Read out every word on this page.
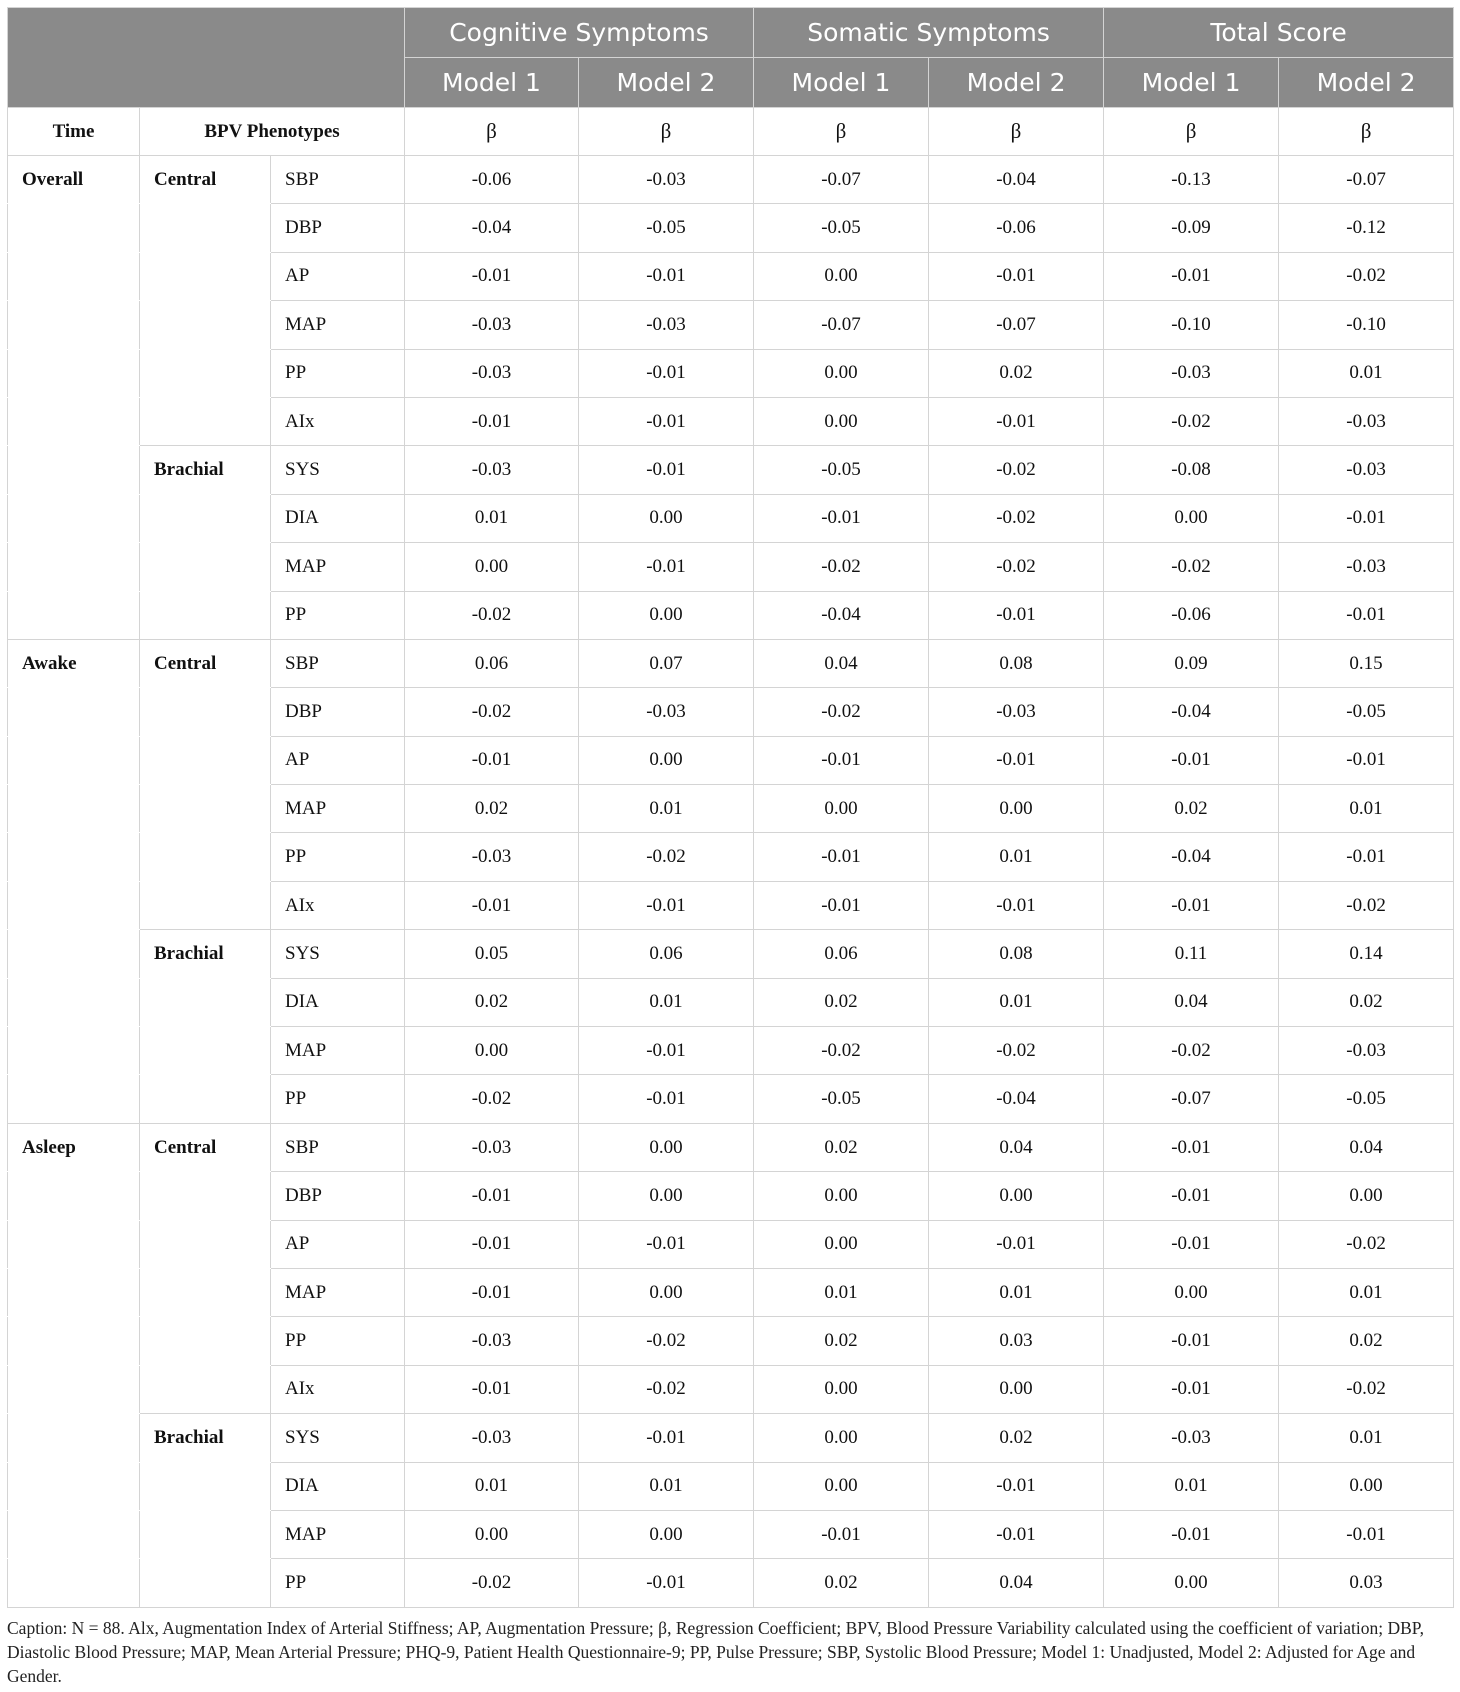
			Cognitive Symptoms		Somatic Symptoms		Total Score	
			Model 1	Model 2	Model 1	Model 2	Model 1	Model 2
Time	BPV Phenotypes		β	β	β	β	β	β
Overall	Central	SBP	-0.06	-0.03	-0.07	-0.04	-0.13	-0.07
		DBP	-0.04	-0.05	-0.05	-0.06	-0.09	-0.12
		AP	-0.01	-0.01	0.00	-0.01	-0.01	-0.02
		MAP	-0.03	-0.03	-0.07	-0.07	-0.10	-0.10
		PP	-0.03	-0.01	0.00	0.02	-0.03	0.01
		AIx	-0.01	-0.01	0.00	-0.01	-0.02	-0.03
	Brachial	SYS	-0.03	-0.01	-0.05	-0.02	-0.08	-0.03
		DIA	0.01	0.00	-0.01	-0.02	0.00	-0.01
		MAP	0.00	-0.01	-0.02	-0.02	-0.02	-0.03
		PP	-0.02	0.00	-0.04	-0.01	-0.06	-0.01
Awake	Central	SBP	0.06	0.07	0.04	0.08	0.09	0.15
		DBP	-0.02	-0.03	-0.02	-0.03	-0.04	-0.05
		AP	-0.01	0.00	-0.01	-0.01	-0.01	-0.01
		MAP	0.02	0.01	0.00	0.00	0.02	0.01
		PP	-0.03	-0.02	-0.01	0.01	-0.04	-0.01
		AIx	-0.01	-0.01	-0.01	-0.01	-0.01	-0.02
	Brachial	SYS	0.05	0.06	0.06	0.08	0.11	0.14
		DIA	0.02	0.01	0.02	0.01	0.04	0.02
		MAP	0.00	-0.01	-0.02	-0.02	-0.02	-0.03
		PP	-0.02	-0.01	-0.05	-0.04	-0.07	-0.05
Asleep	Central	SBP	-0.03	0.00	0.02	0.04	-0.01	0.04
		DBP	-0.01	0.00	0.00	0.00	-0.01	0.00
		AP	-0.01	-0.01	0.00	-0.01	-0.01	-0.02
		MAP	-0.01	0.00	0.01	0.01	0.00	0.01
		PP	-0.03	-0.02	0.02	0.03	-0.01	0.02
		AIx	-0.01	-0.02	0.00	0.00	-0.01	-0.02
	Brachial	SYS	-0.03	-0.01	0.00	0.02	-0.03	0.01
		DIA	0.01	0.01	0.00	-0.01	0.01	0.00
		MAP	0.00	0.00	-0.01	-0.01	-0.01	-0.01
		PP	-0.02	-0.01	0.02	0.04	0.00	0.03
Caption: N = 88. Alx, Augmentation Index of Arterial Stiffness; AP, Augmentation Pressure; β, Regression Coefficient; BPV, Blood Pressure Variability calculated using the coefficient of variation; DBP, Diastolic Blood Pressure; MAP, Mean Arterial Pressure; PHQ-9, Patient Health Questionnaire-9; PP, Pulse Pressure; SBP, Systolic Blood Pressure; Model 1: Unadjusted, Model 2: Adjusted for Age and Gender.
